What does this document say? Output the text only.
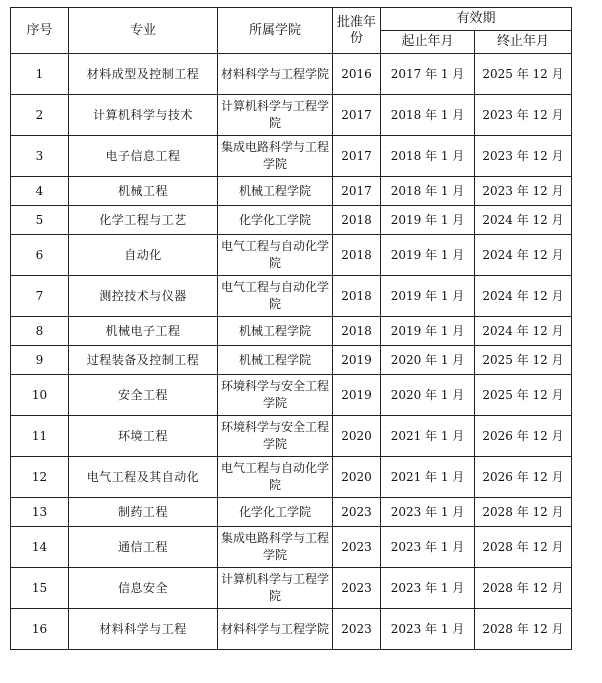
序号	专业	所属学院	批准年份	有效期	
				起止年月	终止年月
1	材料成型及控制工程	材料科学与工程学院	2016	2017 年 1 月	2025 年 12 月
2	计算机科学与技术	计算机科学与工程学院	2017	2018 年 1 月	2023 年 12 月
3	电子信息工程	集成电路科学与工程学院	2017	2018 年 1 月	2023 年 12 月
4	机械工程	机械工程学院	2017	2018 年 1 月	2023 年 12 月
5	化学工程与工艺	化学化工学院	2018	2019 年 1 月	2024 年 12 月
6	自动化	电气工程与自动化学院	2018	2019 年 1 月	2024 年 12 月
7	测控技术与仪器	电气工程与自动化学院	2018	2019 年 1 月	2024 年 12 月
8	机械电子工程	机械工程学院	2018	2019 年 1 月	2024 年 12 月
9	过程装备及控制工程	机械工程学院	2019	2020 年 1 月	2025 年 12 月
10	安全工程	环境科学与安全工程学院	2019	2020 年 1 月	2025 年 12 月
11	环境工程	环境科学与安全工程学院	2020	2021 年 1 月	2026 年 12 月
12	电气工程及其自动化	电气工程与自动化学院	2020	2021 年 1 月	2026 年 12 月
13	制药工程	化学化工学院	2023	2023 年 1 月	2028 年 12 月
14	通信工程	集成电路科学与工程学院	2023	2023 年 1 月	2028 年 12 月
15	信息安全	计算机科学与工程学院	2023	2023 年 1 月	2028 年 12 月
16	材料科学与工程	材料科学与工程学院	2023	2023 年 1 月	2028 年 12 月
